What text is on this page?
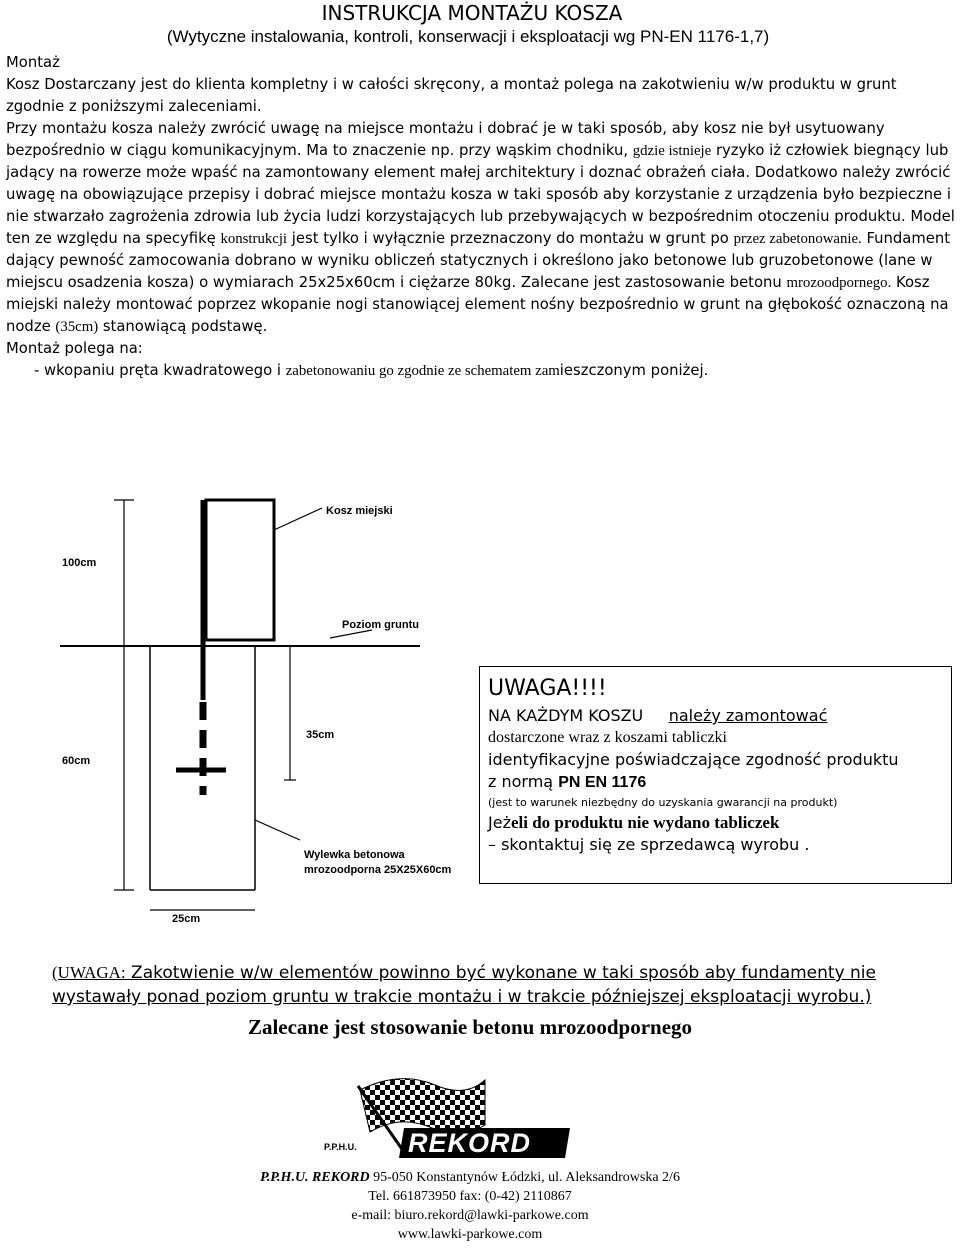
INSTRUKCJA MONTAŻU KOSZA
(Wytyczne instalowania, kontroli, konserwacji i eksploatacji wg PN-EN 1176-1,7)

Montaż

Kosz Dostarczany jest do klienta kompletny i w całości skręcony, a montaż polega na zakotwieniu w/w produktu w grunt zgodnie z poniższymi zaleceniami.

Przy montażu kosza należy zwrócić uwagę na miejsce montażu i dobrać je w taki sposób, aby kosz nie był usytuowany bezpośrednio w ciągu komunikacyjnym. Ma to znaczenie np. przy wąskim chodniku, gdzie istnieje ryzyko iż człowiek biegnący lub jadący na rowerze może wpaść na zamontowany element małej architektury i doznać obrażeń ciała. Dodatkowo należy zwrócić uwagę na obowiązujące przepisy i dobrać miejsce montażu kosza w taki sposób aby korzystanie z urządzenia było bezpieczne i nie stwarzało zagrożenia zdrowia lub życia ludzi korzystających lub przebywających w bezpośrednim otoczeniu produktu. Model ten ze względu na specyfikę konstrukcji jest tylko i wyłącznie przeznaczony do montażu w grunt po przez zabetonowanie. Fundament dający pewność zamocowania dobrano w wyniku obliczeń statycznych i określono jako betonowe lub gruzobetonowe (lane w miejscu osadzenia kosza) o wymiarach 25x25x60cm i ciężarze 80kg. Zalecane jest zastosowanie betonu mrozoodpornego. Kosz miejski należy montować poprzez wkopanie nogi stanowiącej element nośny bezpośrednio w grunt na głębokość oznaczoną na nodze (35cm) stanowiącą podstawę.

Montaż polega na:

- wkopaniu pręta kwadratowego i zabetonowaniu go zgodnie ze schematem zamieszczonym poniżej.

Kosz miejski
Poziom gruntu
100cm
60cm
35cm
Wylewka betonowa
mrozoodporna 25X25X60cm
25cm
UWAGA!!!!
NA KAŻDYM KOSZU należy zamontować
dostarczone wraz z koszami tabliczki
identyfikacyjne poświadczające zgodność produktu
z normą PN EN 1176
(jest to warunek niezbędny do uzyskania gwarancji na produkt)
Jeżeli do produktu nie wydano tabliczek
– skontaktuj się ze sprzedawcą wyrobu .
(UWAGA: Zakotwienie w/w elementów powinno być wykonane w taki sposób aby fundamenty nie wystawały ponad poziom gruntu w trakcie montażu i w trakcie późniejszej eksploatacji wyrobu.)
Zalecane jest stosowanie betonu mrozoodpornego
P.P.H.U. REKORD
P.P.H.U. REKORD 95-050 Konstantynów Łódzki, ul. Aleksandrowska 2/6
Tel. 661873950 fax: (0-42) 2110867
e-mail: biuro.rekord@lawki-parkowe.com
www.lawki-parkowe.com
